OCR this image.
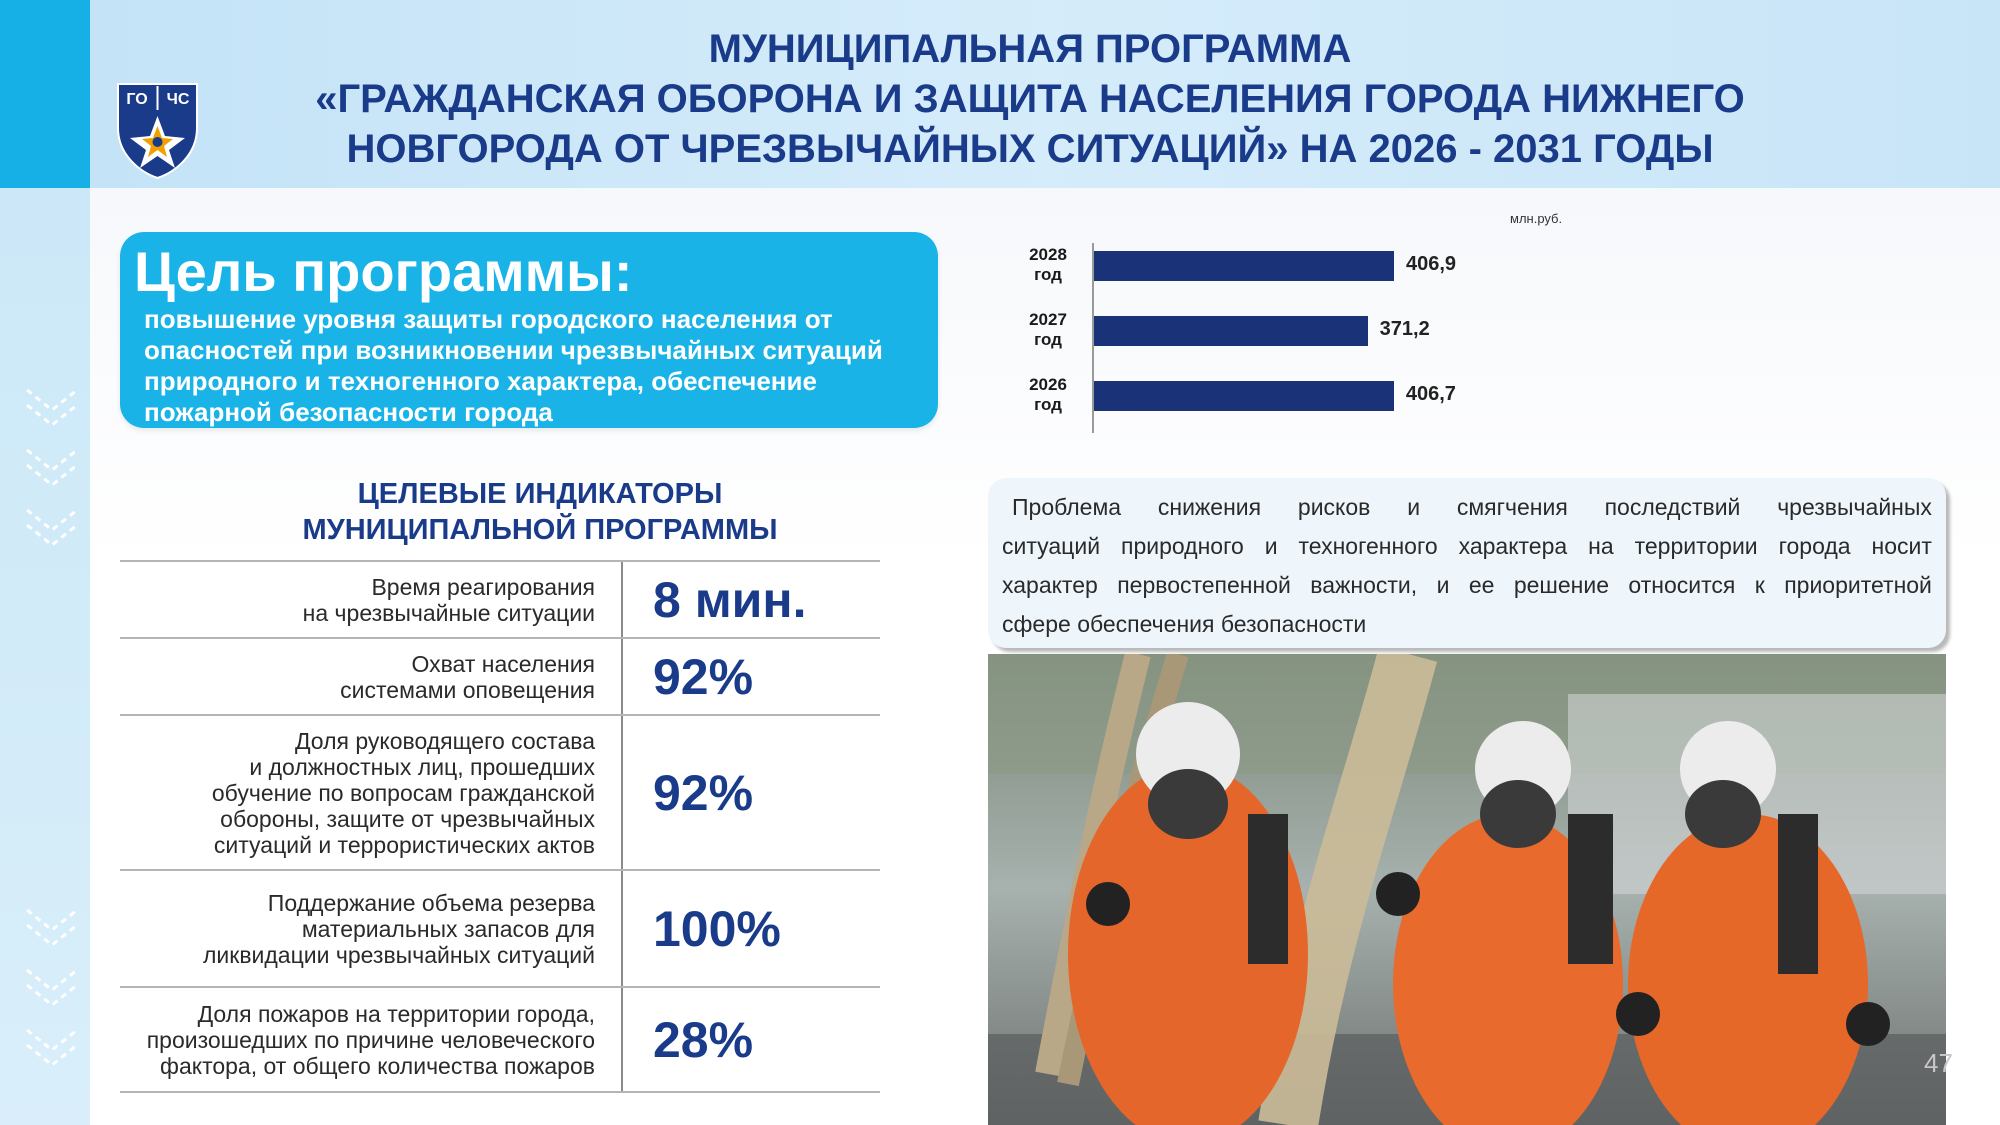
ГО ЧС
МУНИЦИПАЛЬНАЯ ПРОГРАММА
«ГРАЖДАНСКАЯ ОБОРОНА И ЗАЩИТА НАСЕЛЕНИЯ ГОРОДА НИЖНЕГО
НОВГОРОДА ОТ ЧРЕЗВЫЧАЙНЫХ СИТУАЦИЙ» НА 2026 - 2031 ГОДЫ
Цель программы:
повышение уровня защиты городского населения от
опасностей при возникновении чрезвычайных ситуаций
природного и техногенного характера, обеспечение
пожарной безопасности города
ЦЕЛЕВЫЕ ИНДИКАТОРЫ
МУНИЦИПАЛЬНОЙ ПРОГРАММЫ
Время реагирования
на чрезвычайные ситуации	8 мин.
Охват населения
системами оповещения	92%
Доля руководящего состава
и должностных лиц, прошедших
обучение по вопросам гражданской
обороны, защите от чрезвычайных
ситуаций и террористических актов
92%
Поддержание объема резерва
материальных запасов для
ликвидации чрезвычайных ситуаций	100%
Доля пожаров на территории города,
произошедших по причине человеческого
фактора, от общего количества пожаров	28%
млн.руб.
2028
год	406,9
2027
год	371,2
2026
год	406,7
Проблема снижения рисков и смягчения последствий чрезвычайных
ситуаций природного и техногенного характера на территории города носит
характер первостепенной важности, и ее решение относится к приоритетной
сфере обеспечения безопасности
47
